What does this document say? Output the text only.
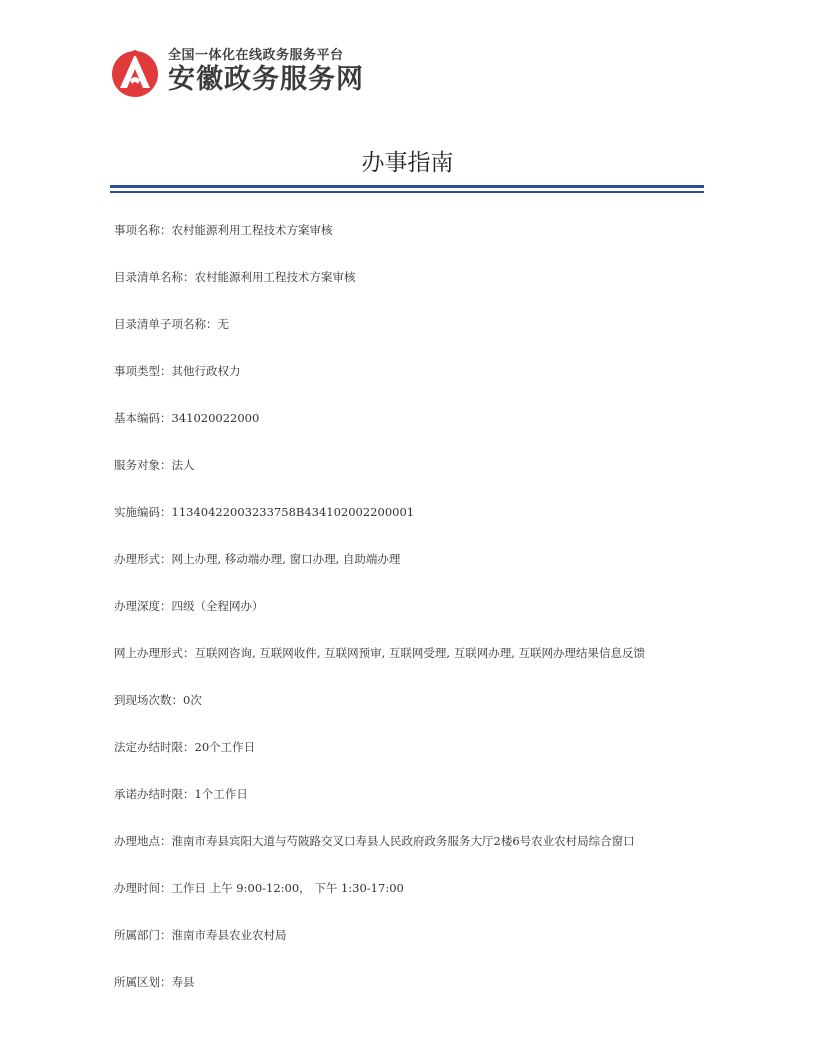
全国一体化在线政务服务平台
安徽政务服务网
办事指南
事项名称：农村能源利用工程技术方案审核
目录清单名称：农村能源利用工程技术方案审核
目录清单子项名称：无
事项类型：其他行政权力
基本编码：341020022000
服务对象：法人
实施编码：11340422003233758B434102002200001
办理形式：网上办理, 移动端办理, 窗口办理, 自助端办理
办理深度：四级（全程网办）
网上办理形式：互联网咨询, 互联网收件, 互联网预审, 互联网受理, 互联网办理, 互联网办理结果信息反馈
到现场次数：0次
法定办结时限：20个工作日
承诺办结时限：1个工作日
办理地点：淮南市寿县宾阳大道与芍陂路交叉口寿县人民政府政务服务大厅2楼6号农业农村局综合窗口
办理时间：工作日 上午 9:00-12:00， 下午 1:30-17:00
所属部门：淮南市寿县农业农村局
所属区划：寿县
